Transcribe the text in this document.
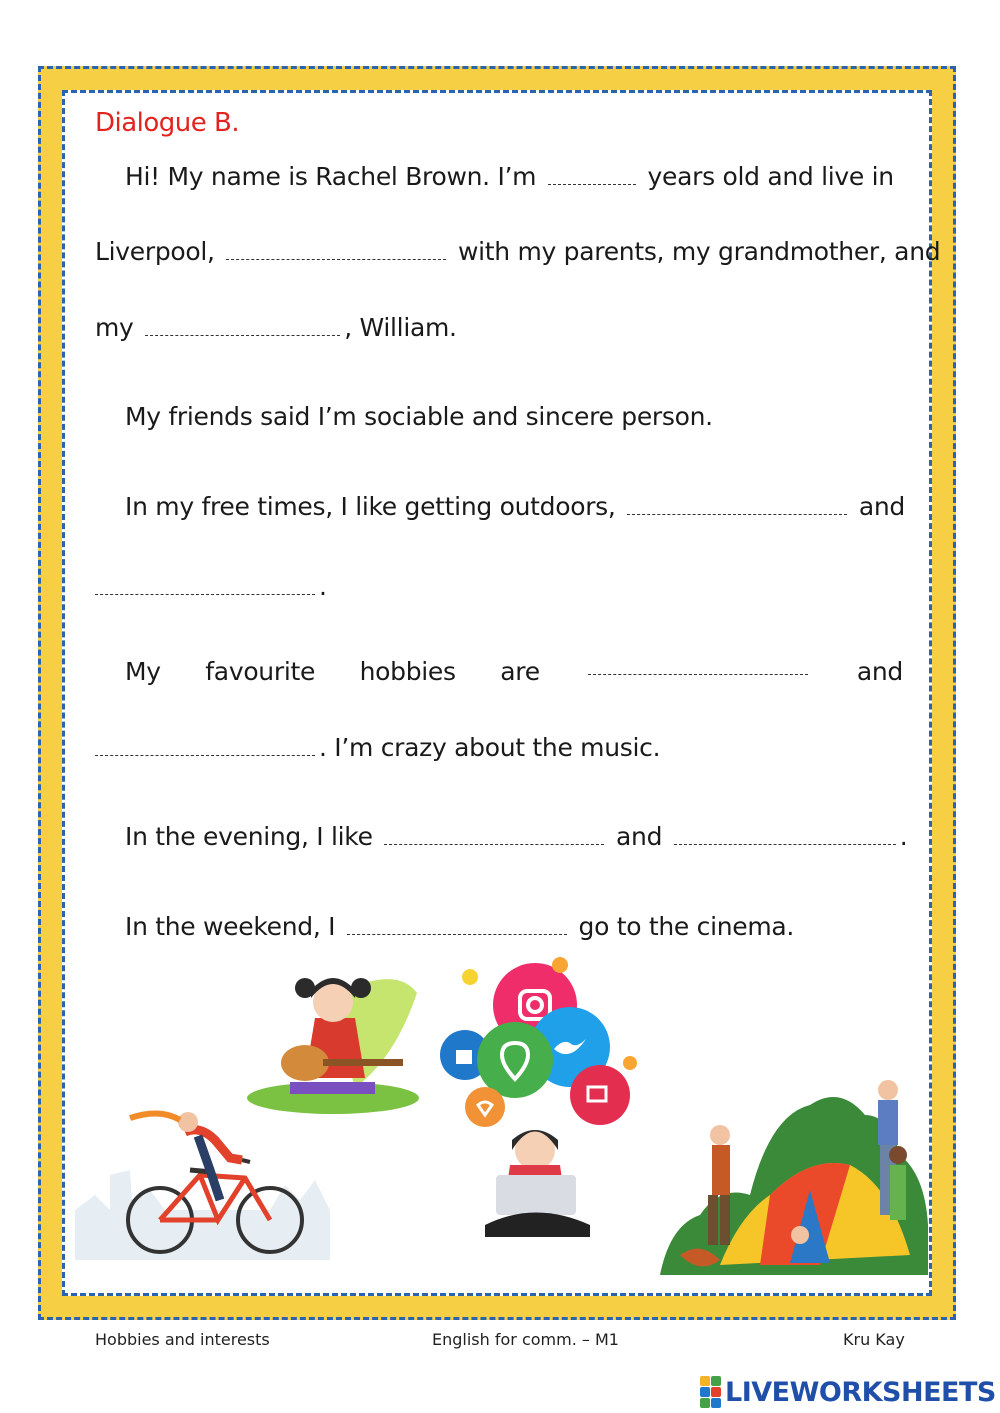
Dialogue B.
Hi! My name is Rachel Brown. I’m	years old and live in
Liverpool,	with my parents, my grandmother, and
my	, William.
My friends said I’m sociable and sincere person.
In my free times, I like getting outdoors,	and
.
My favourite hobbies are	and
. I’m crazy about the music.
In the evening, I like	and	.
In the weekend, I	go to the cinema.
Hobbies and interests	English for comm. – M1	Kru Kay
LIVEWORKSHEETS
